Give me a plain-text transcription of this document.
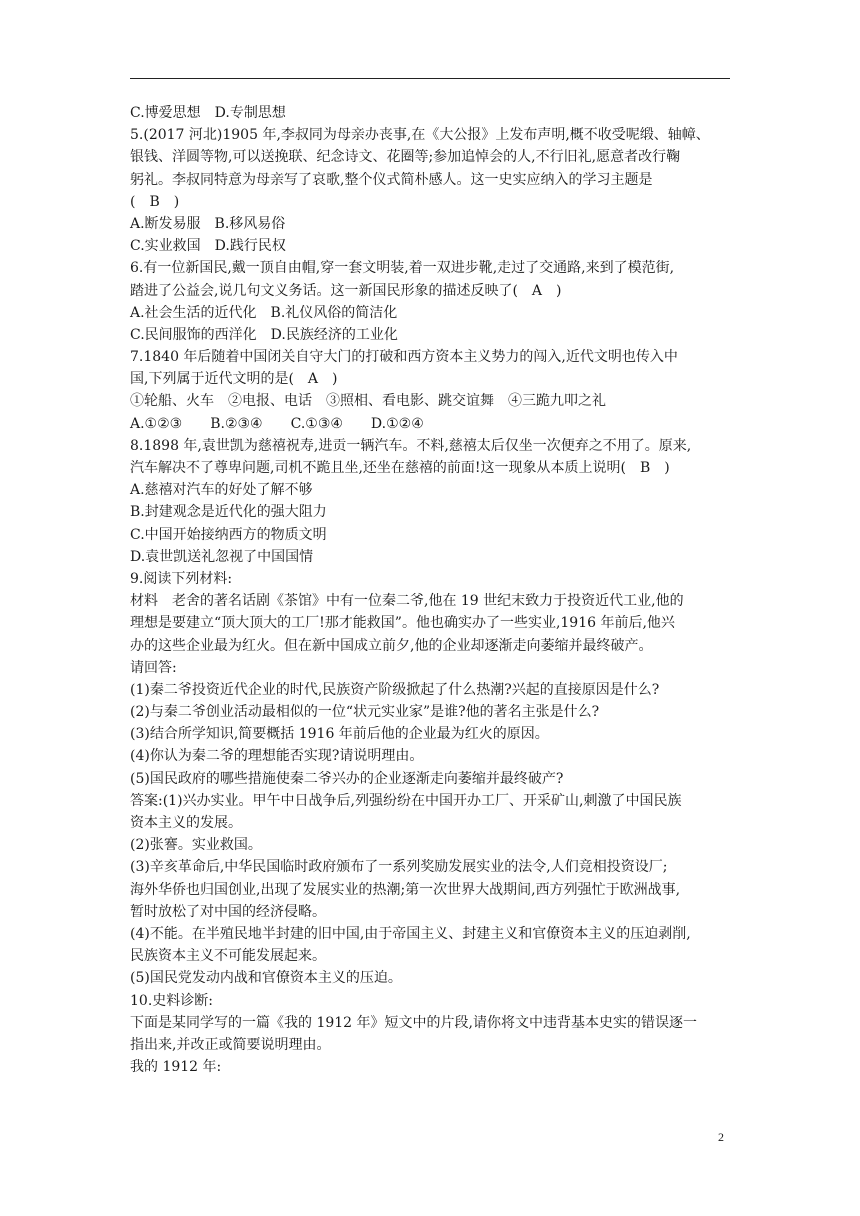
C.博爱思想　D.专制思想
5.(2017 河北)1905 年,李叔同为母亲办丧事,在《大公报》上发布声明,概不收受呢缎、轴幛、
银钱、洋圆等物,可以送挽联、纪念诗文、花圈等;参加追悼会的人,不行旧礼,愿意者改行鞠
躬礼。李叔同特意为母亲写了哀歌,整个仪式简朴感人。这一史实应纳入的学习主题是
(　B　)
A.断发易服　B.移风易俗
C.实业救国　D.践行民权
6.有一位新国民,戴一顶自由帽,穿一套文明装,着一双进步靴,走过了交通路,来到了模范街,
踏进了公益会,说几句文义务话。这一新国民形象的描述反映了(　A　)
A.社会生活的近代化　B.礼仪风俗的简洁化
C.民间服饰的西洋化　D.民族经济的工业化
7.1840 年后随着中国闭关自守大门的打破和西方资本主义势力的闯入,近代文明也传入中
国,下列属于近代文明的是(　A　)
①轮船、火车　②电报、电话　③照相、看电影、跳交谊舞　④三跪九叩之礼
A.①②③　　B.②③④　　C.①③④　　D.①②④
8.1898 年,袁世凯为慈禧祝寿,进贡一辆汽车。不料,慈禧太后仅坐一次便弃之不用了。原来,
汽车解决不了尊卑问题,司机不跪且坐,还坐在慈禧的前面!这一现象从本质上说明(　B　)
A.慈禧对汽车的好处了解不够
B.封建观念是近代化的强大阻力
C.中国开始接纳西方的物质文明
D.袁世凯送礼忽视了中国国情
9.阅读下列材料:
材料　老舍的著名话剧《茶馆》中有一位秦二爷,他在 19 世纪末致力于投资近代工业,他的
理想是要建立“顶大顶大的工厂!那才能救国”。他也确实办了一些实业,1916 年前后,他兴
办的这些企业最为红火。但在新中国成立前夕,他的企业却逐渐走向萎缩并最终破产。
请回答:
(1)秦二爷投资近代企业的时代,民族资产阶级掀起了什么热潮?兴起的直接原因是什么?
(2)与秦二爷创业活动最相似的一位“状元实业家”是谁?他的著名主张是什么?
(3)结合所学知识,简要概括 1916 年前后他的企业最为红火的原因。
(4)你认为秦二爷的理想能否实现?请说明理由。
(5)国民政府的哪些措施使秦二爷兴办的企业逐渐走向萎缩并最终破产?
答案:(1)兴办实业。甲午中日战争后,列强纷纷在中国开办工厂、开采矿山,刺激了中国民族
资本主义的发展。
(2)张謇。实业救国。
(3)辛亥革命后,中华民国临时政府颁布了一系列奖励发展实业的法令,人们竞相投资设厂;
海外华侨也归国创业,出现了发展实业的热潮;第一次世界大战期间,西方列强忙于欧洲战事,
暂时放松了对中国的经济侵略。
(4)不能。在半殖民地半封建的旧中国,由于帝国主义、封建主义和官僚资本主义的压迫剥削,
民族资本主义不可能发展起来。
(5)国民党发动内战和官僚资本主义的压迫。
10.史料诊断:
下面是某同学写的一篇《我的 1912 年》短文中的片段,请你将文中违背基本史实的错误逐一
指出来,并改正或简要说明理由。
我的 1912 年:
2
